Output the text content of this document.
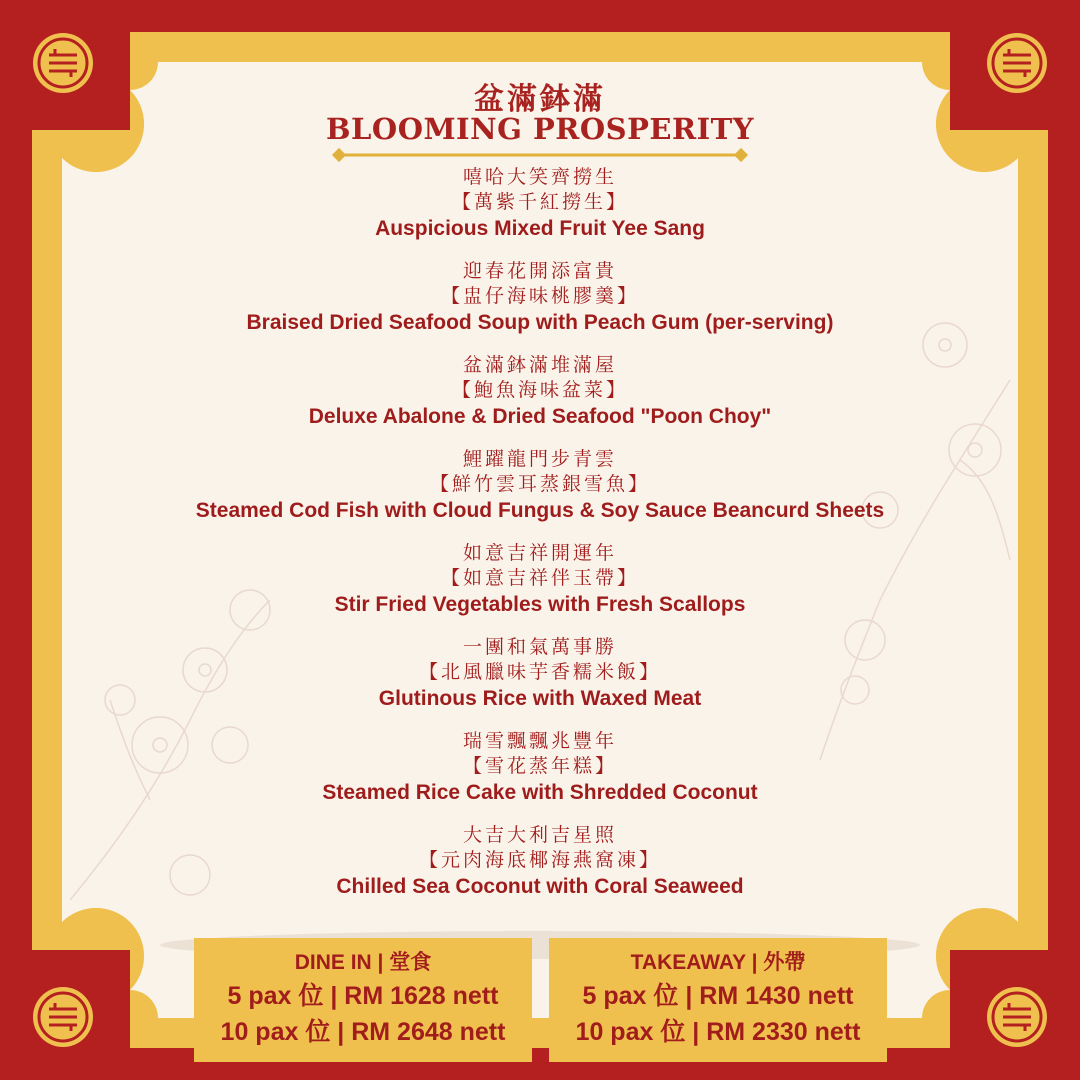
盆滿鉢滿
BLOOMING PROSPERITY
嘻哈大笑齊撈生
【萬紫千紅撈生】
Auspicious Mixed Fruit Yee Sang
迎春花開添富貴
【盅仔海味桃膠羹】
Braised Dried Seafood Soup with Peach Gum (per-serving)
盆滿鉢滿堆滿屋
【鮑魚海味盆菜】
Deluxe Abalone & Dried Seafood "Poon Choy"
鯉躍龍門步青雲
【鮮竹雲耳蒸銀雪魚】
Steamed Cod Fish with Cloud Fungus & Soy Sauce Beancurd Sheets
如意吉祥開運年
【如意吉祥伴玉帶】
Stir Fried Vegetables with Fresh Scallops
一團和氣萬事勝
【北風臘味芋香糯米飯】
Glutinous Rice with Waxed Meat
瑞雪飄飄兆豐年
【雪花蒸年糕】
Steamed Rice Cake with Shredded Coconut
大吉大利吉星照
【元肉海底椰海燕窩凍】
Chilled Sea Coconut with Coral Seaweed
DINE IN | 堂食
5 pax 位 | RM 1628 nett
10 pax 位 | RM 2648 nett
TAKEAWAY | 外帶
5 pax 位 | RM 1430 nett
10 pax 位 | RM 2330 nett
